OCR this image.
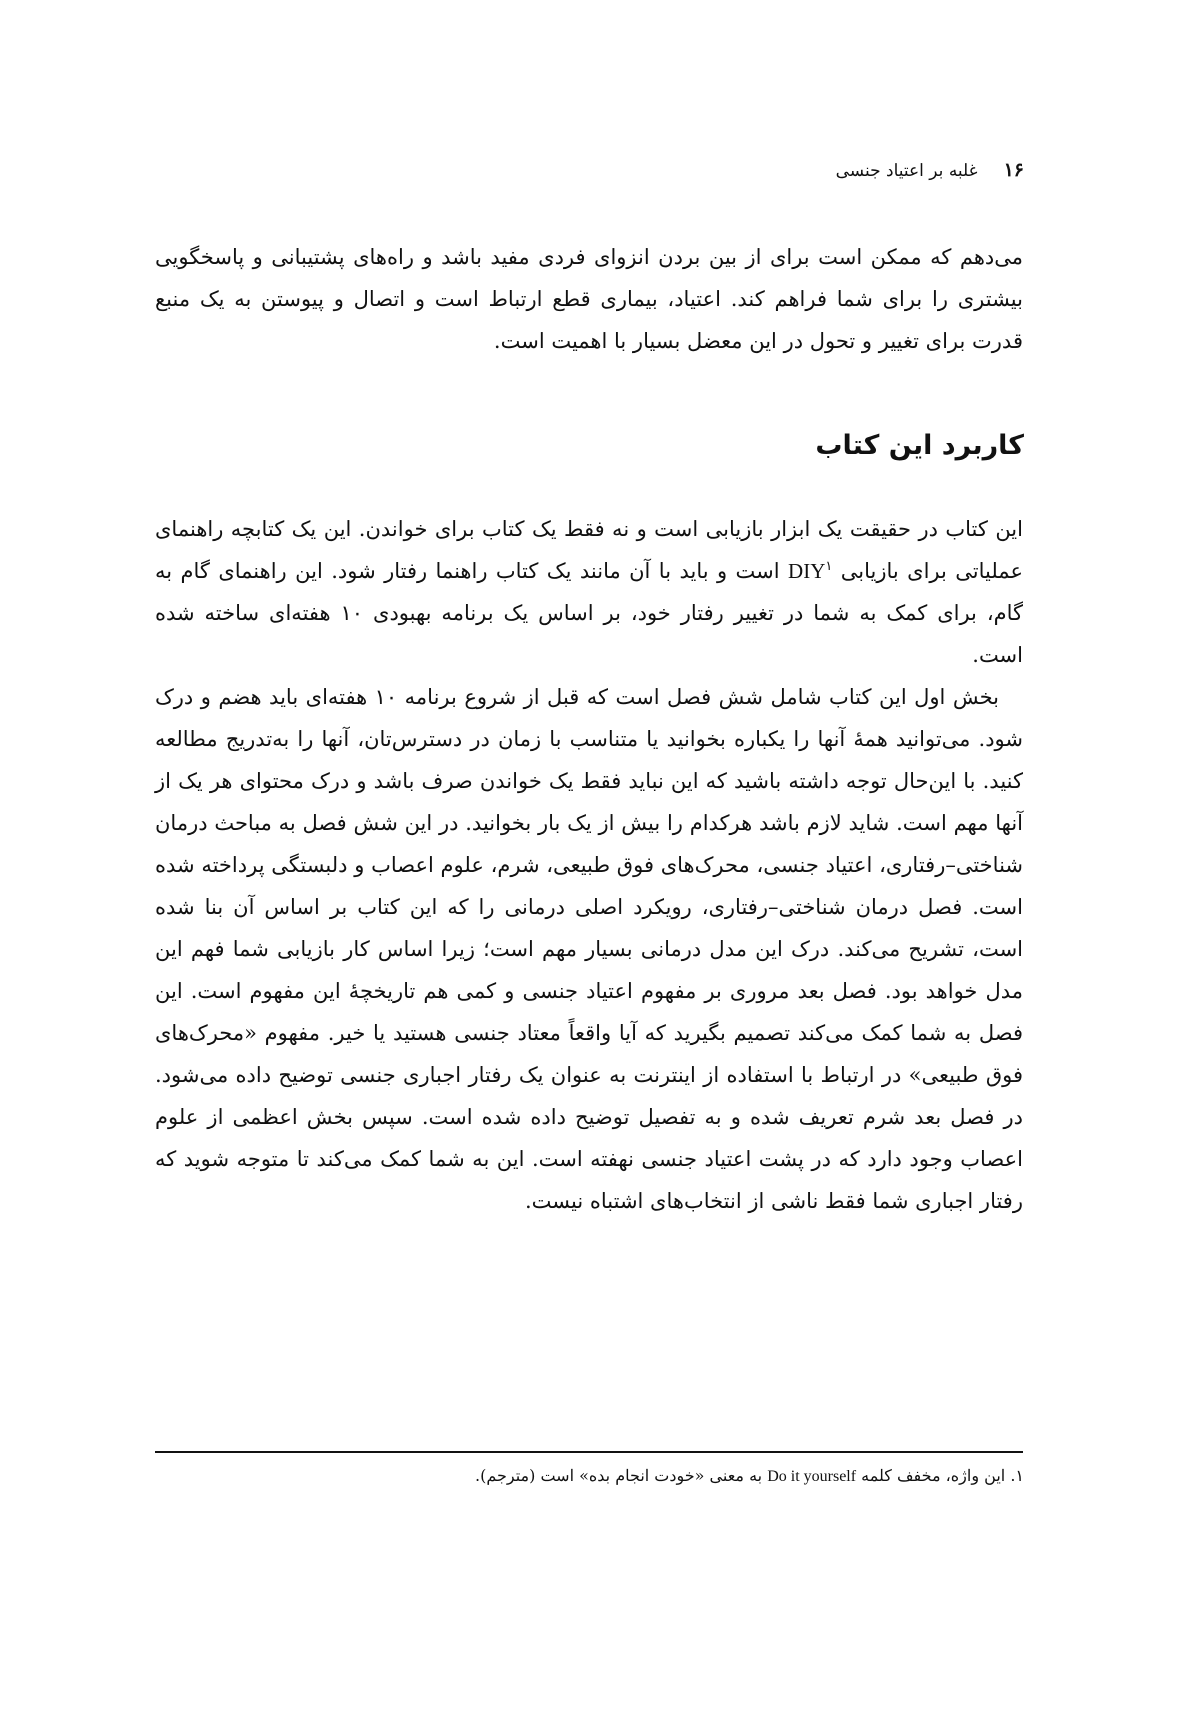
۱۶غلبه بر اعتیاد جنسی

می‌دهم که ممکن است برای از بین بردن انزوای فردی مفید باشد و راه‌های پشتیبانی و پاسخگویی بیشتری را برای شما فراهم کند. اعتیاد، بیماری قطع ارتباط است و اتصال و پیوستن به یک منبع قدرت برای تغییر و تحول در این معضل بسیار با اهمیت است.

کاربرد این کتاب

این کتاب در حقیقت یک ابزار بازیابی است و نه فقط یک کتاب برای خواندن. این یک کتابچه راهنمای عملیاتی برای بازیابی DIY$^۱$ است و باید با آن مانند یک کتاب راهنما رفتار شود. این راهنمای گام به گام، برای کمک به شما در تغییر رفتار خود، بر اساس یک برنامه بهبودی ۱۰ هفته‌ای ساخته شده است.

بخش اول این کتاب شامل شش فصل است که قبل از شروع برنامه ۱۰ هفته‌ای باید هضم و درک شود. می‌توانید همهٔ آنها را یکباره بخوانید یا متناسب با زمان در دسترس‌تان، آنها را به‌تدریج مطالعه کنید. با این‌حال توجه داشته باشید که این نباید فقط یک خواندن صرف باشد و درک محتوای هر یک از آنها مهم است. شاید لازم باشد هرکدام را بیش از یک بار بخوانید. در این شش فصل به مباحث درمان شناختی–رفتاری، اعتیاد جنسی، محرک‌های فوق طبیعی، شرم، علوم اعصاب و دلبستگی پرداخته شده است. فصل درمان شناختی–رفتاری، رویکرد اصلی درمانی را که این کتاب بر اساس آن بنا شده است، تشریح می‌کند. درک این مدل درمانی بسیار مهم است؛ زیرا اساس کار بازیابی شما فهم این مدل خواهد بود. فصل بعد مروری بر مفهوم اعتیاد جنسی و کمی هم تاریخچهٔ این مفهوم است. این فصل به شما کمک می‌کند تصمیم بگیرید که آیا واقعاً معتاد جنسی هستید یا خیر. مفهوم «محرک‌های فوق طبیعی» در ارتباط با استفاده از اینترنت به عنوان یک رفتار اجباری جنسی توضیح داده می‌شود. در فصل بعد شرم تعریف شده و به تفصیل توضیح داده شده است. سپس بخش اعظمی از علوم اعصاب وجود دارد که در پشت اعتیاد جنسی نهفته است. این به شما کمک می‌کند تا متوجه شوید که رفتار اجباری شما فقط ناشی از انتخاب‌های اشتباه نیست.

۱. این واژه، مخفف کلمه Do it yourself به معنی «خودت انجام بده» است (مترجم).
